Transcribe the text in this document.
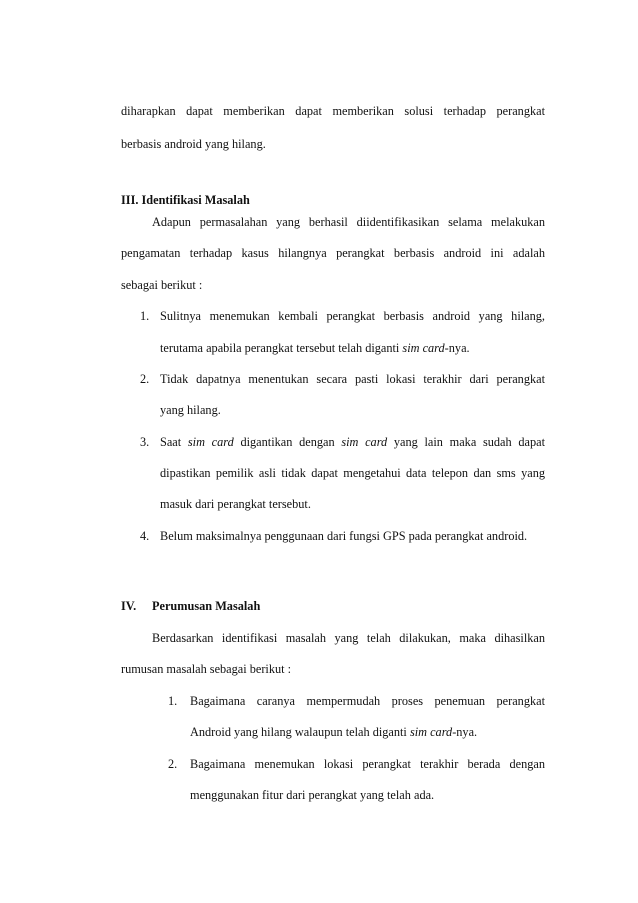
diharapkan dapat memberikan dapat memberikan solusi terhadap perangkat
berbasis android yang hilang.
III. Identifikasi Masalah
Adapun permasalahan yang berhasil diidentifikasikan selama melakukan
pengamatan terhadap kasus hilangnya perangkat berbasis android ini adalah
sebagai berikut :
1. Sulitnya menemukan kembali perangkat berbasis android yang hilang,
terutama apabila perangkat tersebut telah diganti sim card-nya.
2. Tidak dapatnya menentukan secara pasti lokasi terakhir dari perangkat
yang hilang.
3. Saat sim card digantikan dengan sim card yang lain maka sudah dapat
dipastikan pemilik asli tidak dapat mengetahui data telepon dan sms yang
masuk dari perangkat tersebut.
4. Belum maksimalnya penggunaan dari fungsi GPS pada perangkat android.
IV. Perumusan Masalah
Berdasarkan identifikasi masalah yang telah dilakukan, maka dihasilkan
rumusan masalah sebagai berikut :
1. Bagaimana caranya mempermudah proses penemuan perangkat
Android yang hilang walaupun telah diganti sim card-nya.
2. Bagaimana menemukan lokasi perangkat terakhir berada dengan
menggunakan fitur dari perangkat yang telah ada.
